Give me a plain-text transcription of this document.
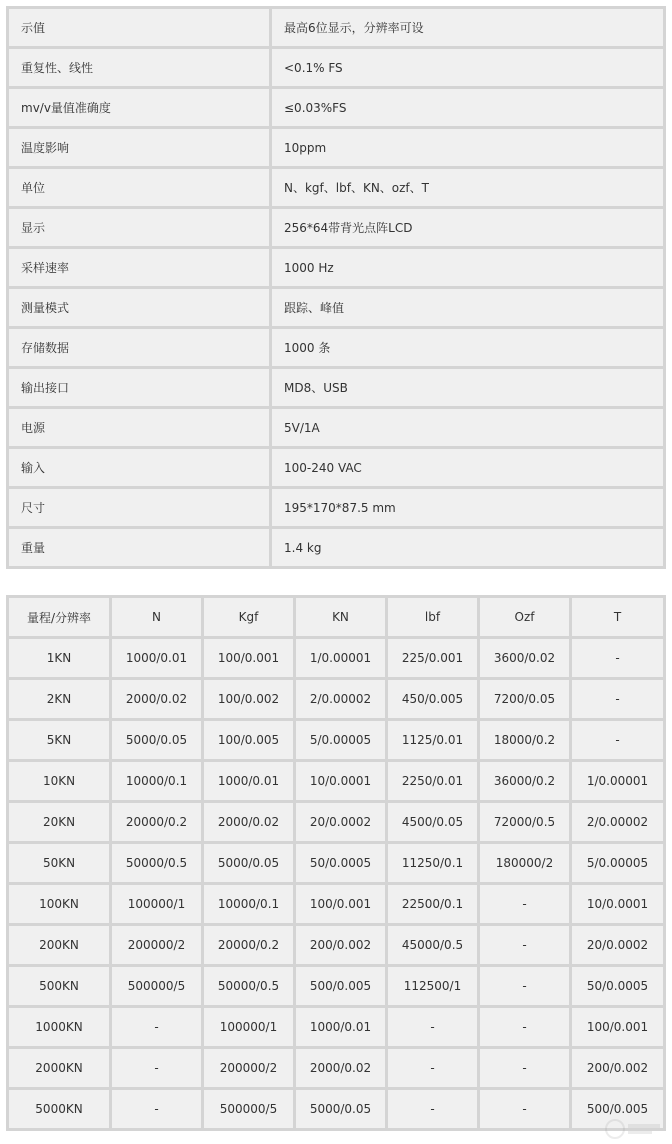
示值	最高6位显示，分辨率可设
重复性、线性	<0.1% FS
mv/v量值准确度	≤0.03%FS
温度影响	10ppm
单位	N、kgf、lbf、KN、ozf、T
显示	256*64带背光点阵LCD
采样速率	1000 Hz
测量模式	跟踪、峰值
存储数据	1000 条
输出接口	MD8、USB
电源	5V/1A
输入	100-240 VAC
尺寸	195*170*87.5 mm
重量	1.4 kg
量程/分辨率	N	Kgf	KN	lbf	Ozf	T
1KN	1000/0.01	100/0.001	1/0.00001	225/0.001	3600/0.02	-
2KN	2000/0.02	100/0.002	2/0.00002	450/0.005	7200/0.05	-
5KN	5000/0.05	100/0.005	5/0.00005	1125/0.01	18000/0.2	-
10KN	10000/0.1	1000/0.01	10/0.0001	2250/0.01	36000/0.2	1/0.00001
20KN	20000/0.2	2000/0.02	20/0.0002	4500/0.05	72000/0.5	2/0.00002
50KN	50000/0.5	5000/0.05	50/0.0005	11250/0.1	180000/2	5/0.00005
100KN	100000/1	10000/0.1	100/0.001	22500/0.1	-	10/0.0001
200KN	200000/2	20000/0.2	200/0.002	45000/0.5	-	20/0.0002
500KN	500000/5	50000/0.5	500/0.005	112500/1	-	50/0.0005
1000KN	-	100000/1	1000/0.01	-	-	100/0.001
2000KN	-	200000/2	2000/0.02	-	-	200/0.002
5000KN	-	500000/5	5000/0.05	-	-	500/0.005
